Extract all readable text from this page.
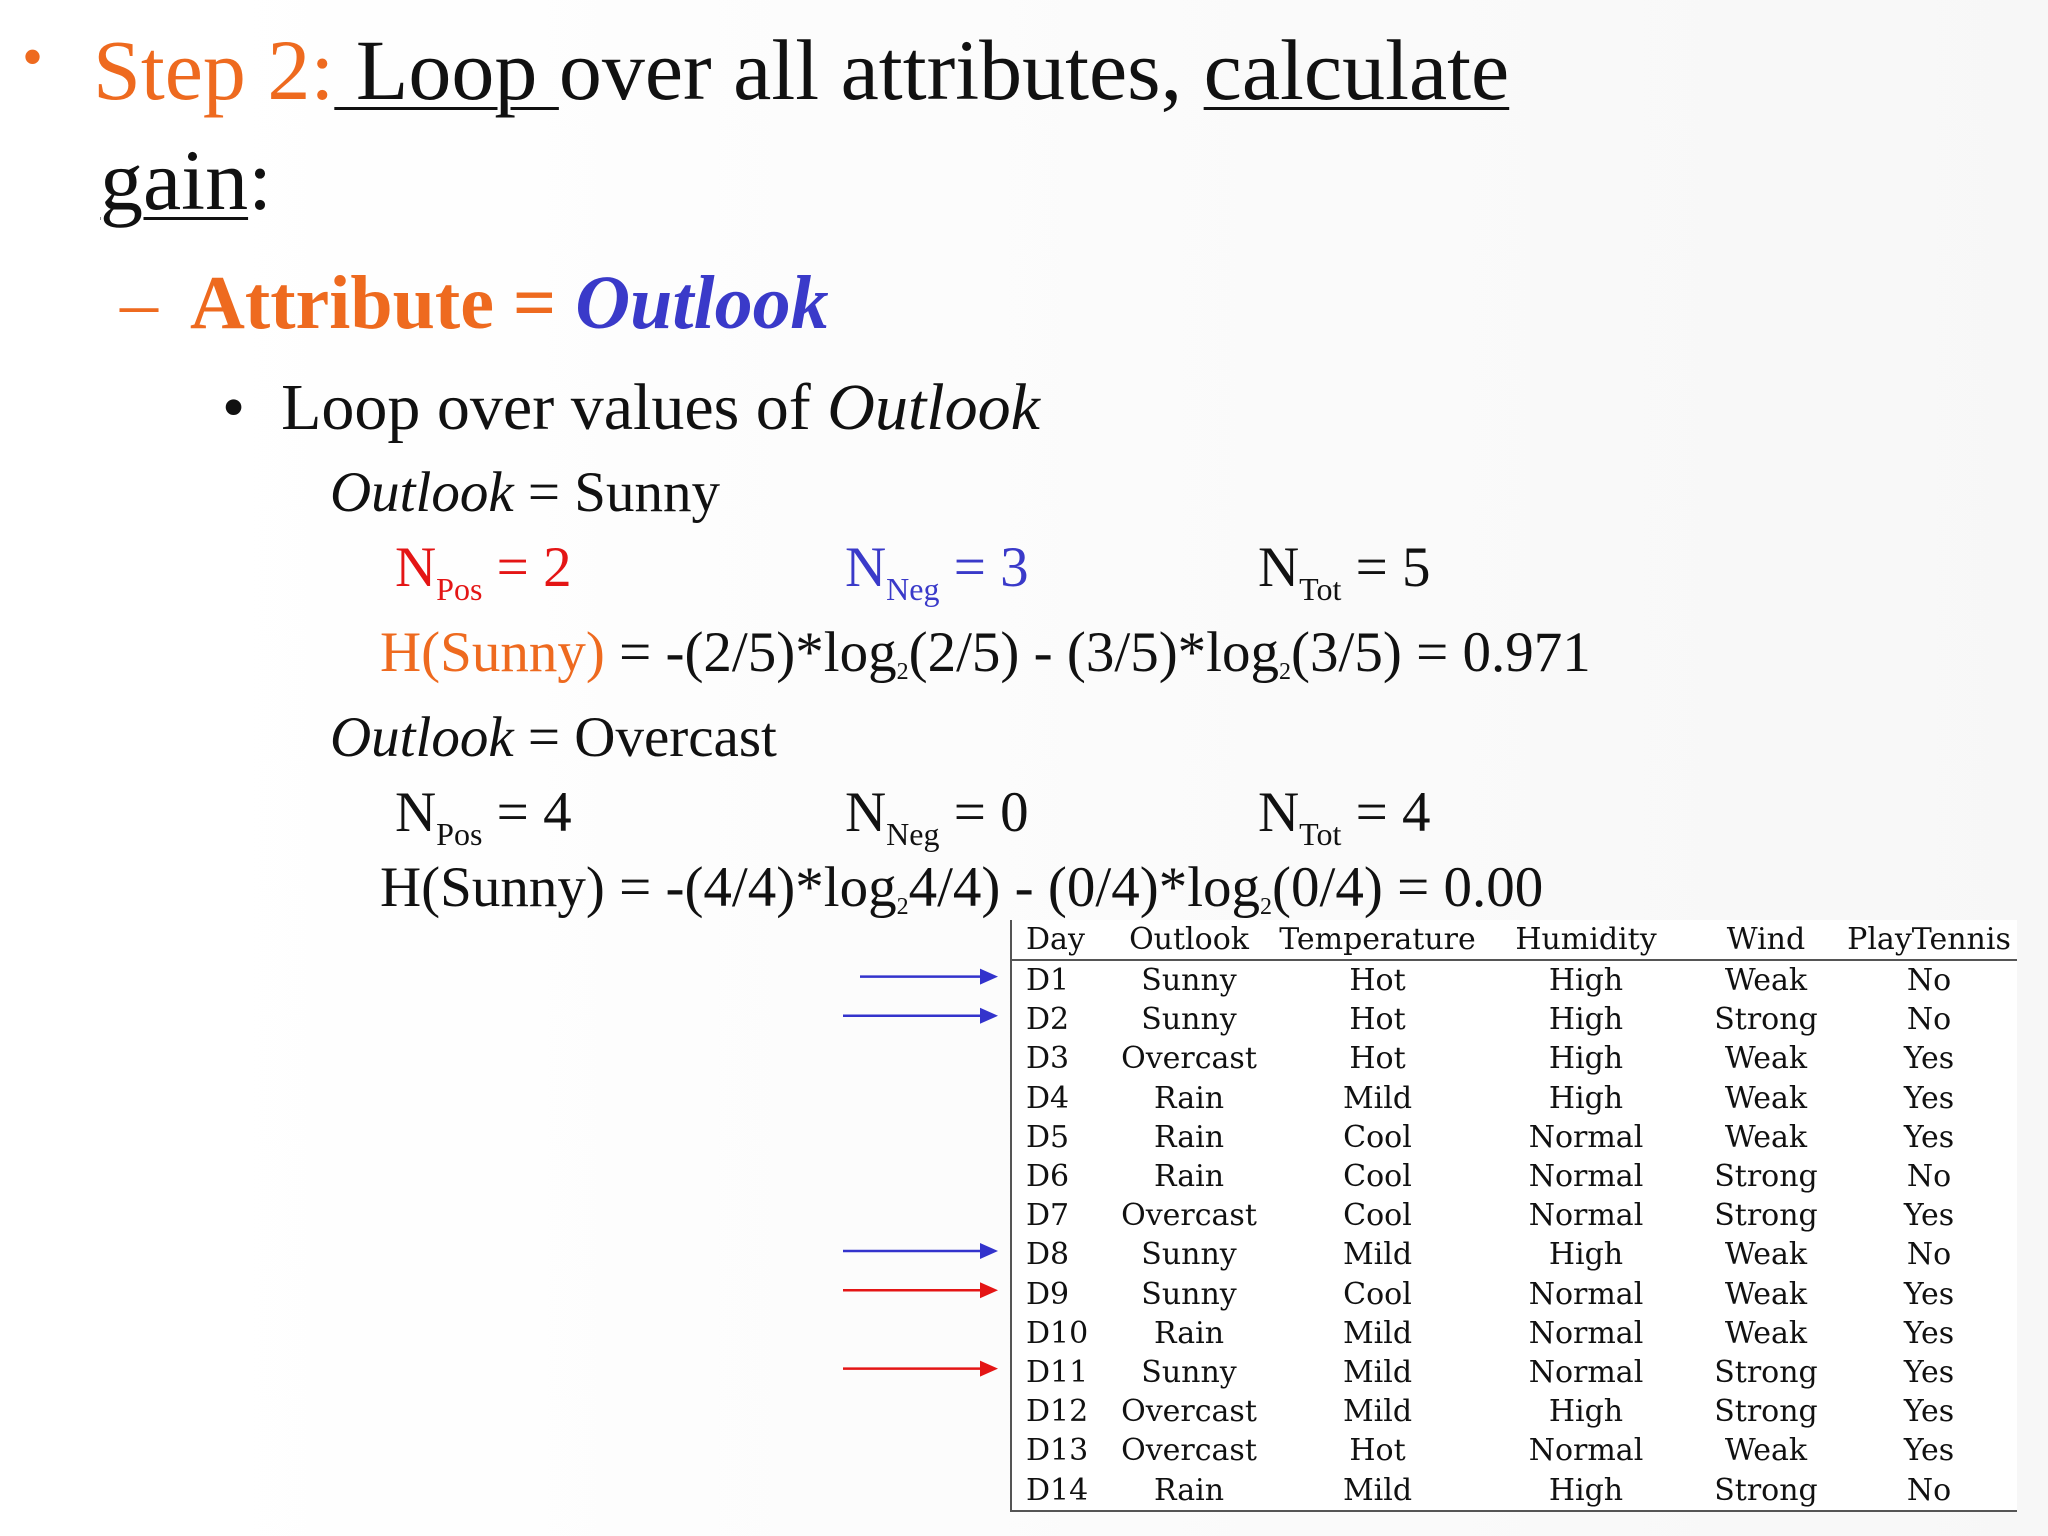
• Step 2: Loop over all attributes, calculate
gain:
– Attribute = Outlook
• Loop over values of Outlook
Outlook = Sunny
$N_{Pos} = 2$	$N_{Neg} = 3$	$N_{Tot} = 5$
H(Sunny) = $-(2/5)*\log_2(2/5) - (3/5)*\log_2(3/5) = 0.971$
Outlook = Overcast
$N_{Pos} = 4$	$N_{Neg} = 0$	$N_{Tot} = 4$
H(Sunny) = $-(4/4)*\log_24/4) - (0/4)*\log_2(0/4) = 0.00$
Day	Outlook	Temperature	Humidity	Wind	PlayTennis
D1	Sunny	Hot	High	Weak	No
D2	Sunny	Hot	High	Strong	No
D3	Overcast	Hot	High	Weak	Yes
D4	Rain	Mild	High	Weak	Yes
D5	Rain	Cool	Normal	Weak	Yes
D6	Rain	Cool	Normal	Strong	No
D7	Overcast	Cool	Normal	Strong	Yes
D8	Sunny	Mild	High	Weak	No
D9	Sunny	Cool	Normal	Weak	Yes
D10	Rain	Mild	Normal	Weak	Yes
D11	Sunny	Mild	Normal	Strong	Yes
D12	Overcast	Mild	High	Strong	Yes
D13	Overcast	Hot	Normal	Weak	Yes
D14	Rain	Mild	High	Strong	No
